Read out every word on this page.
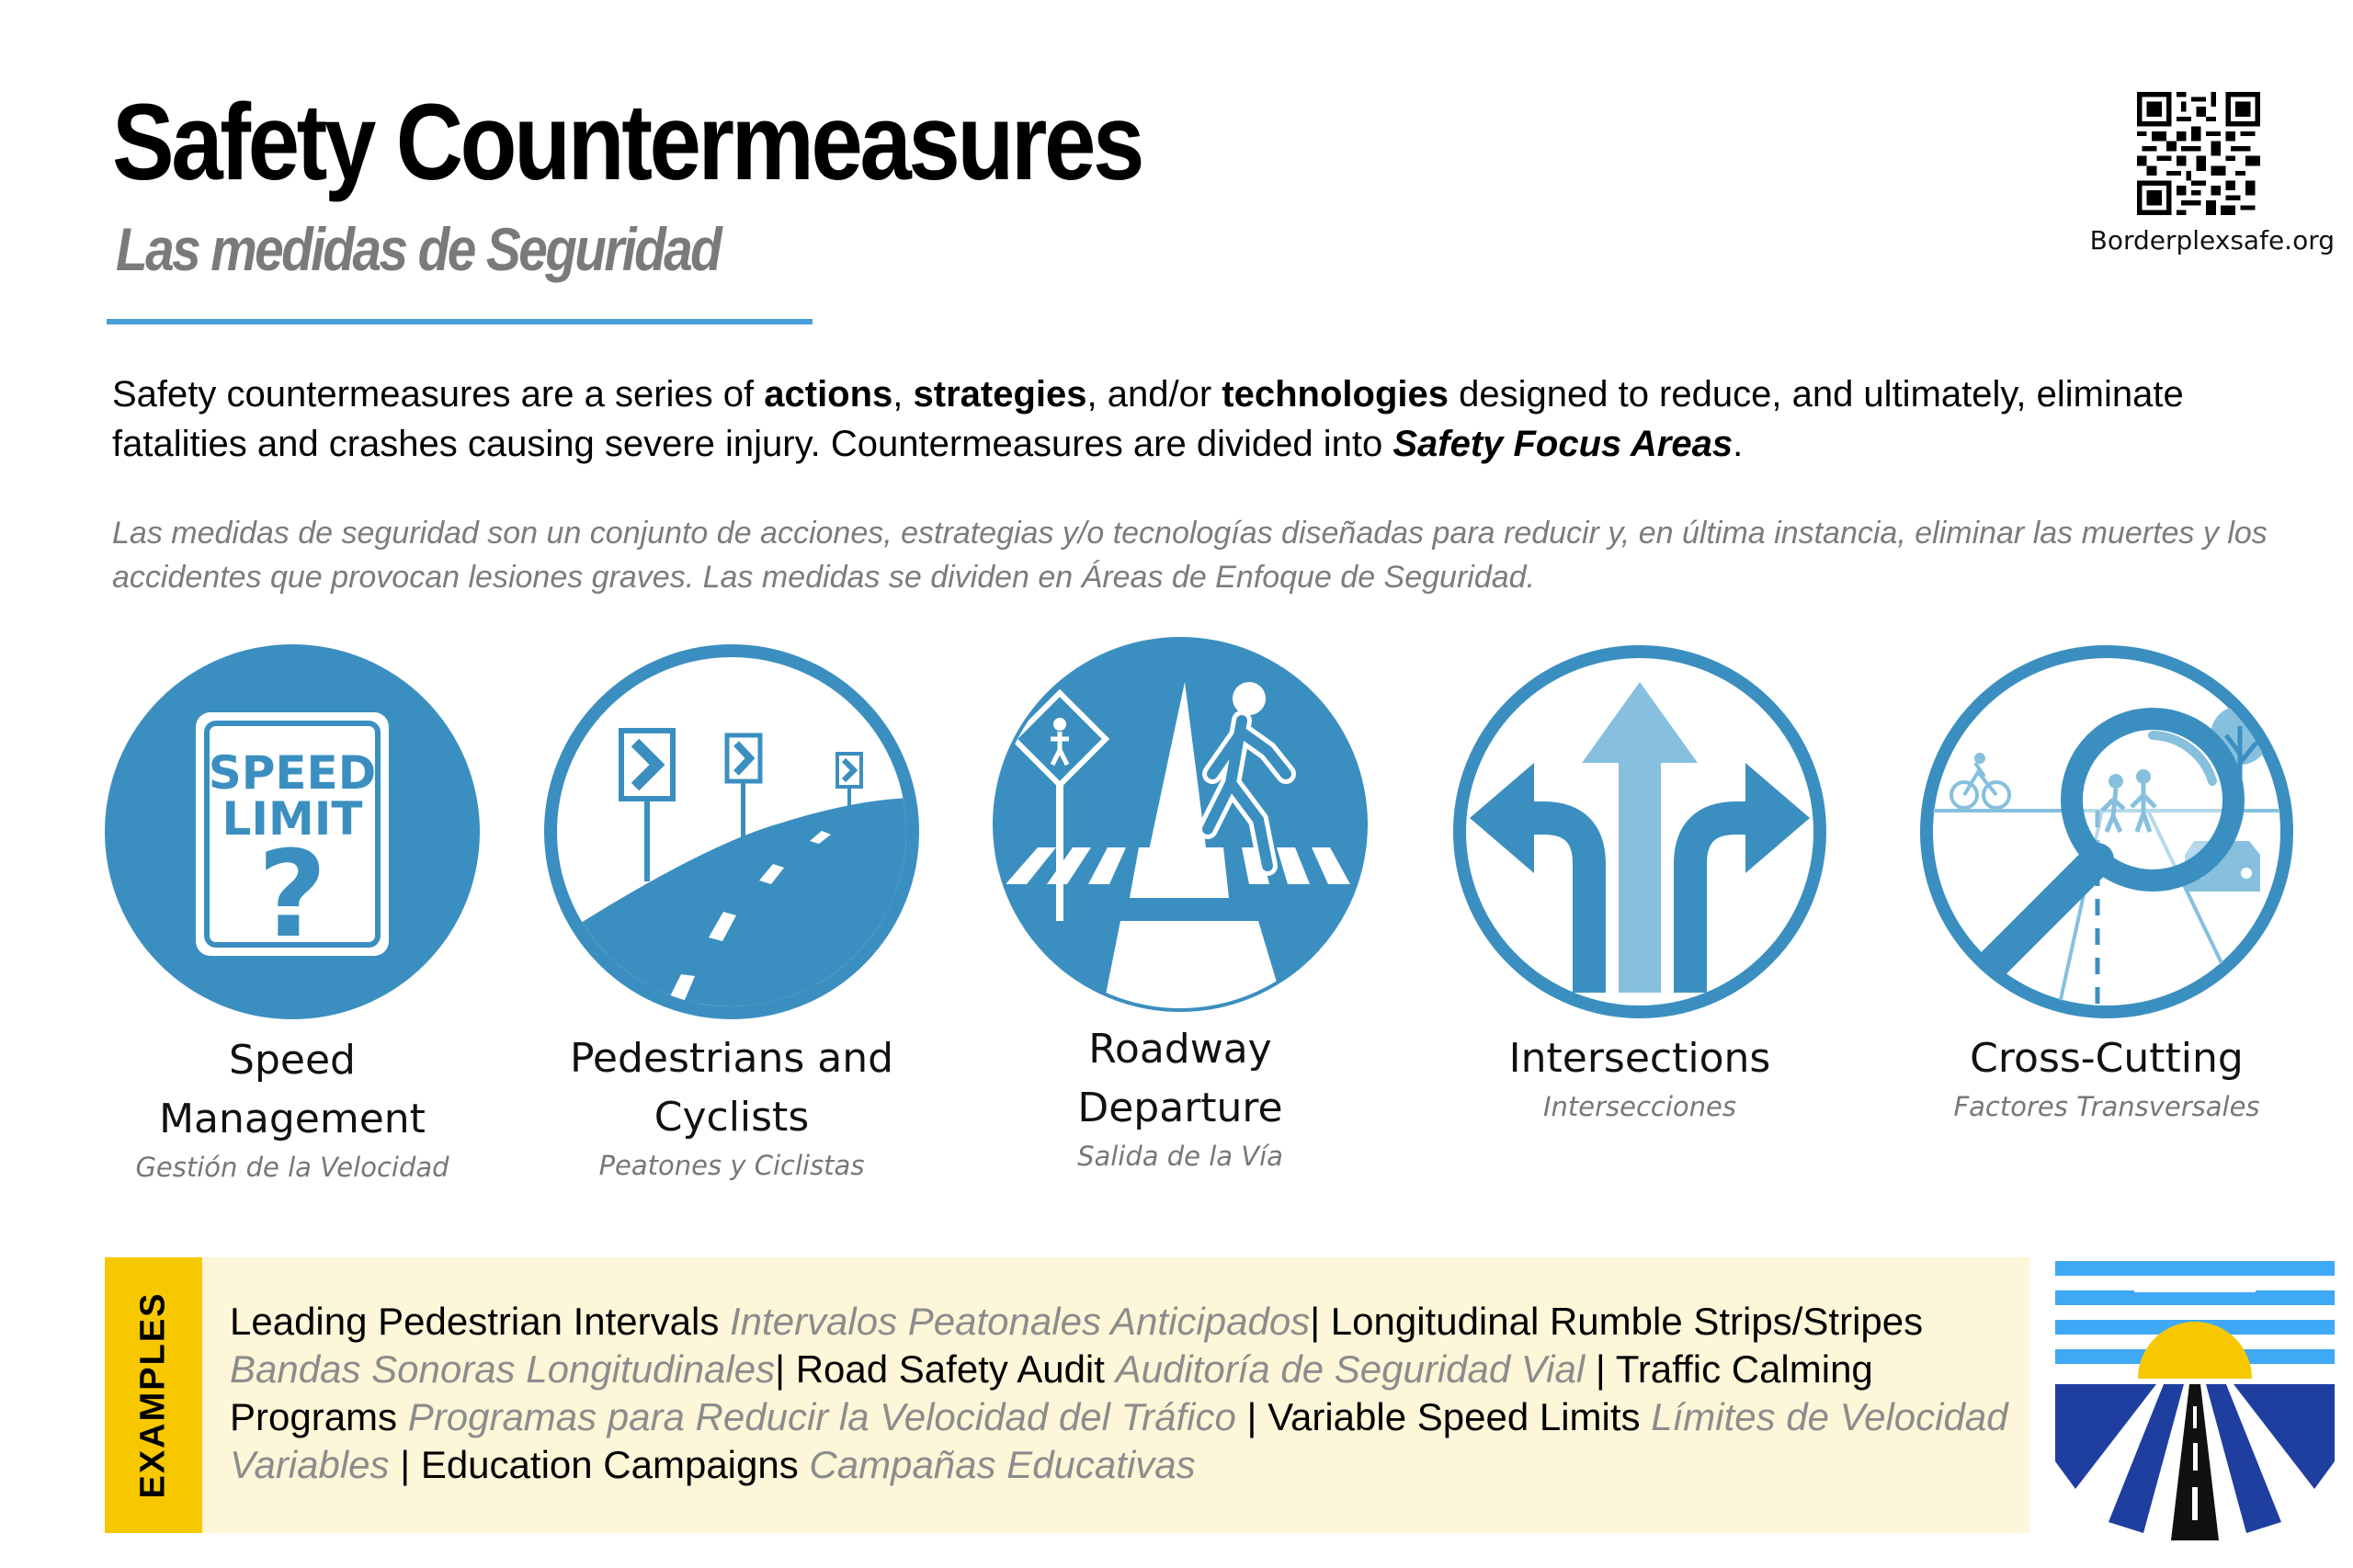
Safety Countermeasures
Las medidas de Seguridad	Borderplexsafe.org

Safety countermeasures are a series of actions, strategies, and/or technologies designed to reduce, and ultimately, eliminate fatalities and crashes causing severe injury. Countermeasures are divided into Safety Focus Areas.

Las medidas de seguridad son un conjunto de acciones, estrategias y/o tecnologías diseñadas para reducir y, en última instancia, eliminar las muertes y los accidentes que provocan lesiones graves. Las medidas se dividen en Áreas de Enfoque de Seguridad.

SPEED
LIMIT
?
Speed
Management
Gestión de la Velocidad
Pedestrians and
Cyclists
Peatones y Ciclistas
Roadway
Departure
Salida de la Vía
Intersections
Intersecciones
Cross-Cutting
Factores Transversales
EXAMPLES Leading Pedestrian Intervals Intervalos Peatonales Anticipados| Longitudinal Rumble Strips/Stripes Bandas Sonoras Longitudinales| Road Safety Audit Auditoría de Seguridad Vial | Traffic Calming Programs Programas para Reducir la Velocidad del Tráfico | Variable Speed Limits Límites de Velocidad Variables | Education Campaigns Campañas Educativas
